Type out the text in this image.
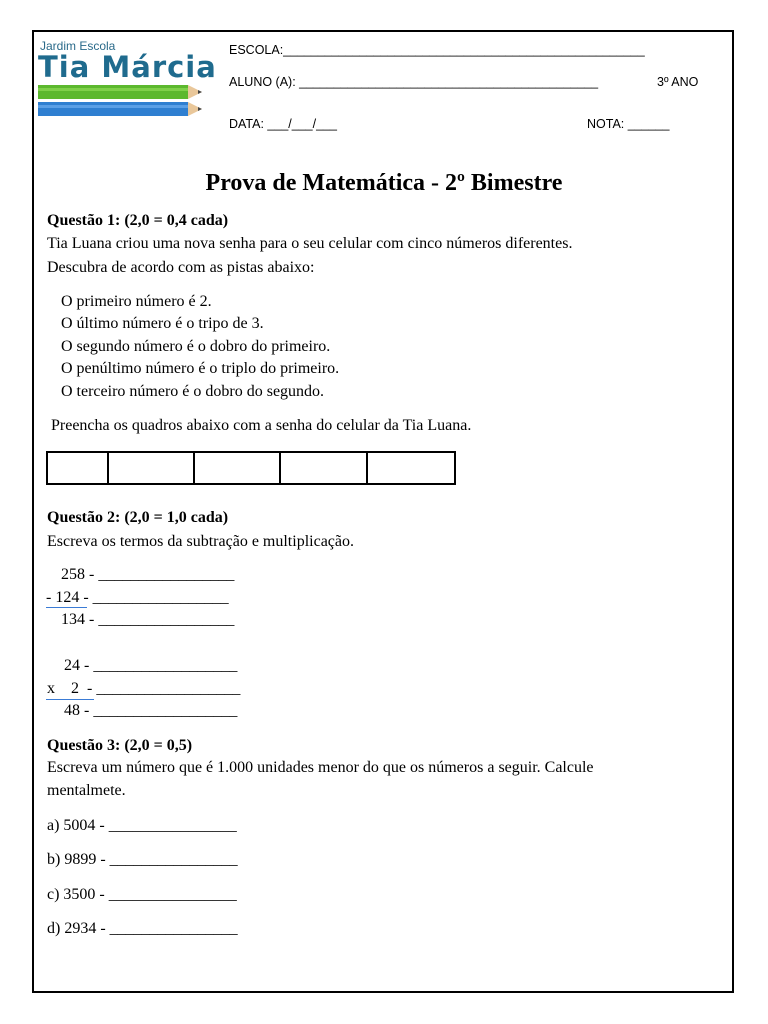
Jardim Escola
Tia Márcia ESCOLA:____________________________________________________
ALUNO (A): ___________________________________________	3º ANO
DATA: ___/___/___	NOTA: ______
Prova de Matemática - 2º Bimestre
Questão 1: (2,0 = 0,4 cada)
Tia Luana criou uma nova senha para o seu celular com cinco números diferentes.
Descubra de acordo com as pistas abaixo:
O primeiro número é 2.
O último número é o tripo de 3.
O segundo número é o dobro do primeiro.
O penúltimo número é o triplo do primeiro.
O terceiro número é o dobro do segundo.
Preencha os quadros abaixo com a senha do celular da Tia Luana.
Questão 2: (2,0 = 1,0 cada)
Escreva os termos da subtração e multiplicação.
258 - _________________
- 124 - _________________
134 - _________________
24 - __________________
x    2  - __________________
48 - __________________
Questão 3: (2,0 = 0,5)
Escreva um número que é 1.000 unidades menor do que os números a seguir. Calcule
mentalmete.
a) 5004 - ________________
b) 9899 - ________________
c) 3500 - ________________
d) 2934 - ________________
